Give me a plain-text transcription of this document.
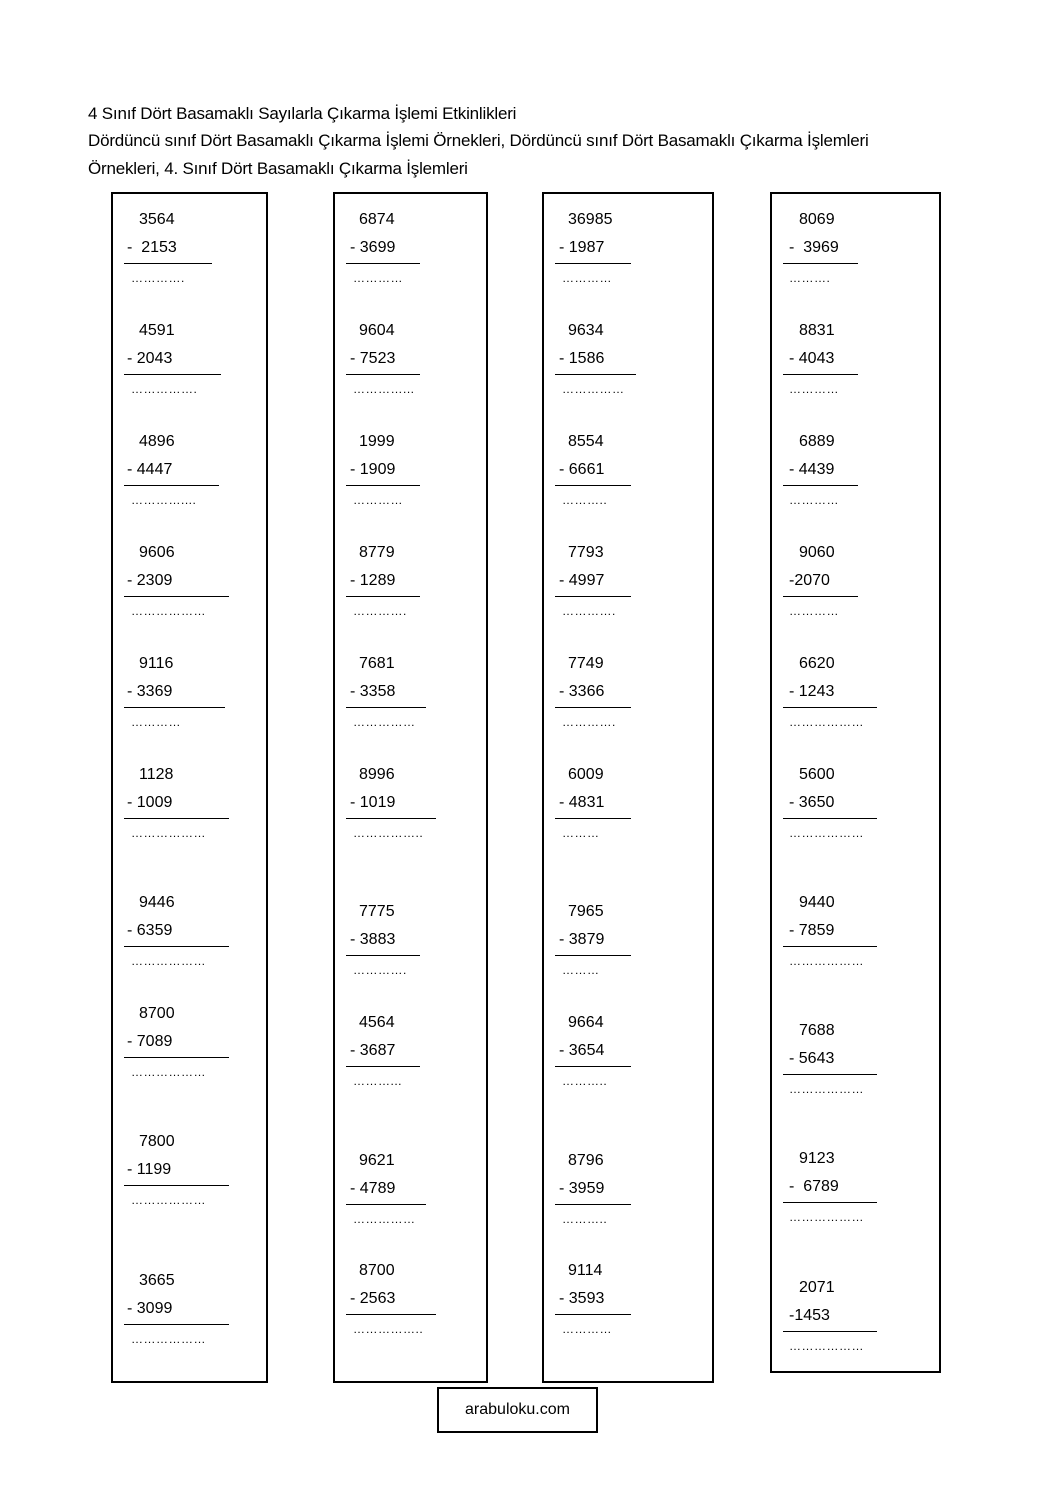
4 Sınıf Dört Basamaklı Sayılarla Çıkarma İşlemi Etkinlikleri
Dördüncü sınıf Dört Basamaklı Çıkarma İşlemi Örnekleri, Dördüncü sınıf Dört Basamaklı Çıkarma İşlemleri
Örnekleri, 4. Sınıf Dört Basamaklı Çıkarma İşlemleri
3564
-  2153
………….
4591
- 2043
…………….
4896
- 4447
…………....
9606
- 2309
………………
9116
- 3369
…………
1128
- 1009
………………
9446
- 6359
………………
8700
- 7089
………………
7800
- 1199
………………
3665
- 3099
………………
6874
- 3699
…………
9604
- 7523
…………...
1999
- 1909
…………
8779
- 1289
………….
7681
- 3358
……………
8996
- 1019
……………..
7775
- 3883
………….
4564
- 3687
………...
9621
- 4789
……………
8700
- 2563
……………..
36985
- 1987
…………
9634
- 1586
……………
8554
- 6661
………..
7793
- 4997
………….
7749
- 3366
………….
6009
- 4831
………
7965
- 3879
………
9664
- 3654
………..
8796
- 3959
………..
9114
- 3593
…………
8069
-  3969
……….
8831
- 4043
…………
6889
- 4439
…………
9060
-2070
…………
6620
- 1243
………………
5600
- 3650
………………
9440
- 7859
………………
7688
- 5643
………………
9123
-  6789
………………
2071
-1453
………………
arabuloku.com
